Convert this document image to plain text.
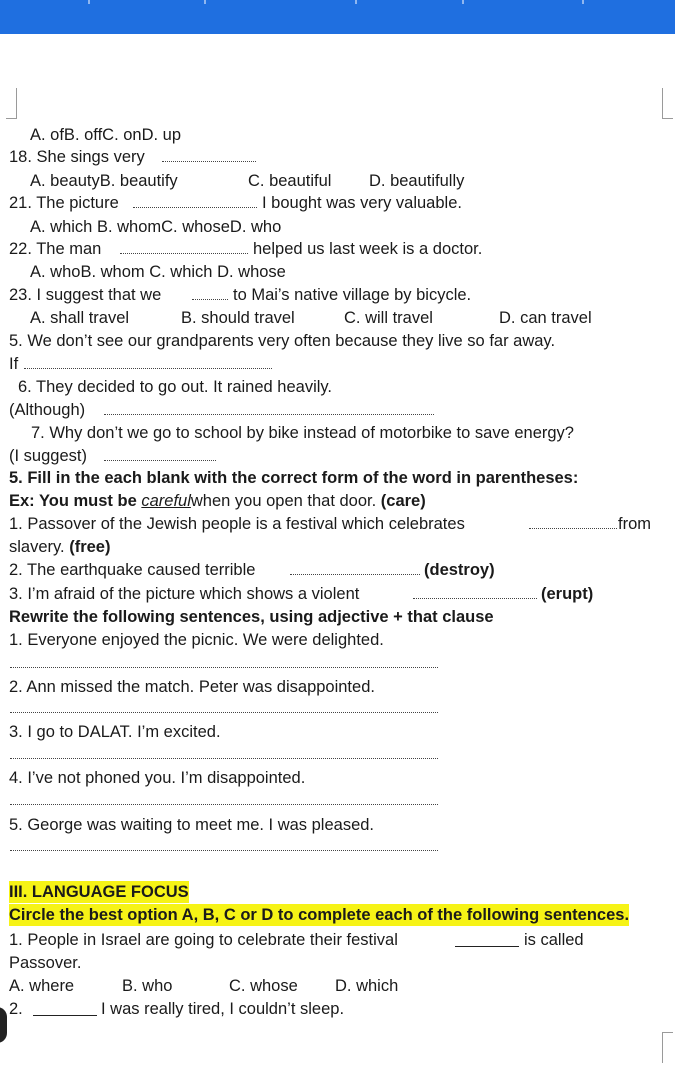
A. ofB. offC. onD. up
18. She sings very
A. beautyB. beautify	C. beautiful D. beautifully
21. The picture	I bought was very valuable.
A. which B. whomC. whoseD. who
22. The man	helped us last week is a doctor.
A. whoB. whom C. which D. whose
23. I suggest that we	to Mai’s native village by bicycle.
A. shall travel	B. should travel	C. will travel	D. can travel
5. We don’t see our grandparents very often because they live so far away.
If
6. They decided to go out. It rained heavily.
(Although)
7. Why don’t we go to school by bike instead of motorbike to save energy?
(I suggest)
5. Fill in the each blank with the correct form of the word in parentheses:
Ex: You must be carefulwhen you open that door. (care)
1. Passover of the Jewish people is a festival which celebrates	from
slavery. (free)
2. The earthquake caused terrible	(destroy)
3. I’m afraid of the picture which shows a violent	(erupt)
Rewrite the following sentences, using adjective + that clause
1. Everyone enjoyed the picnic. We were delighted.
2. Ann missed the match. Peter was disappointed.
3. I go to DALAT. I’m excited.
4. I’ve not phoned you. I’m disappointed.
5. George was waiting to meet me. I was pleased.
III. LANGUAGE FOCUS
Circle the best option A, B, C or D to complete each of the following sentences.
1. People in Israel are going to celebrate their festival	is called
Passover.
A. where	B. who	C. whose D. which
2.	I was really tired, I couldn’t sleep.
